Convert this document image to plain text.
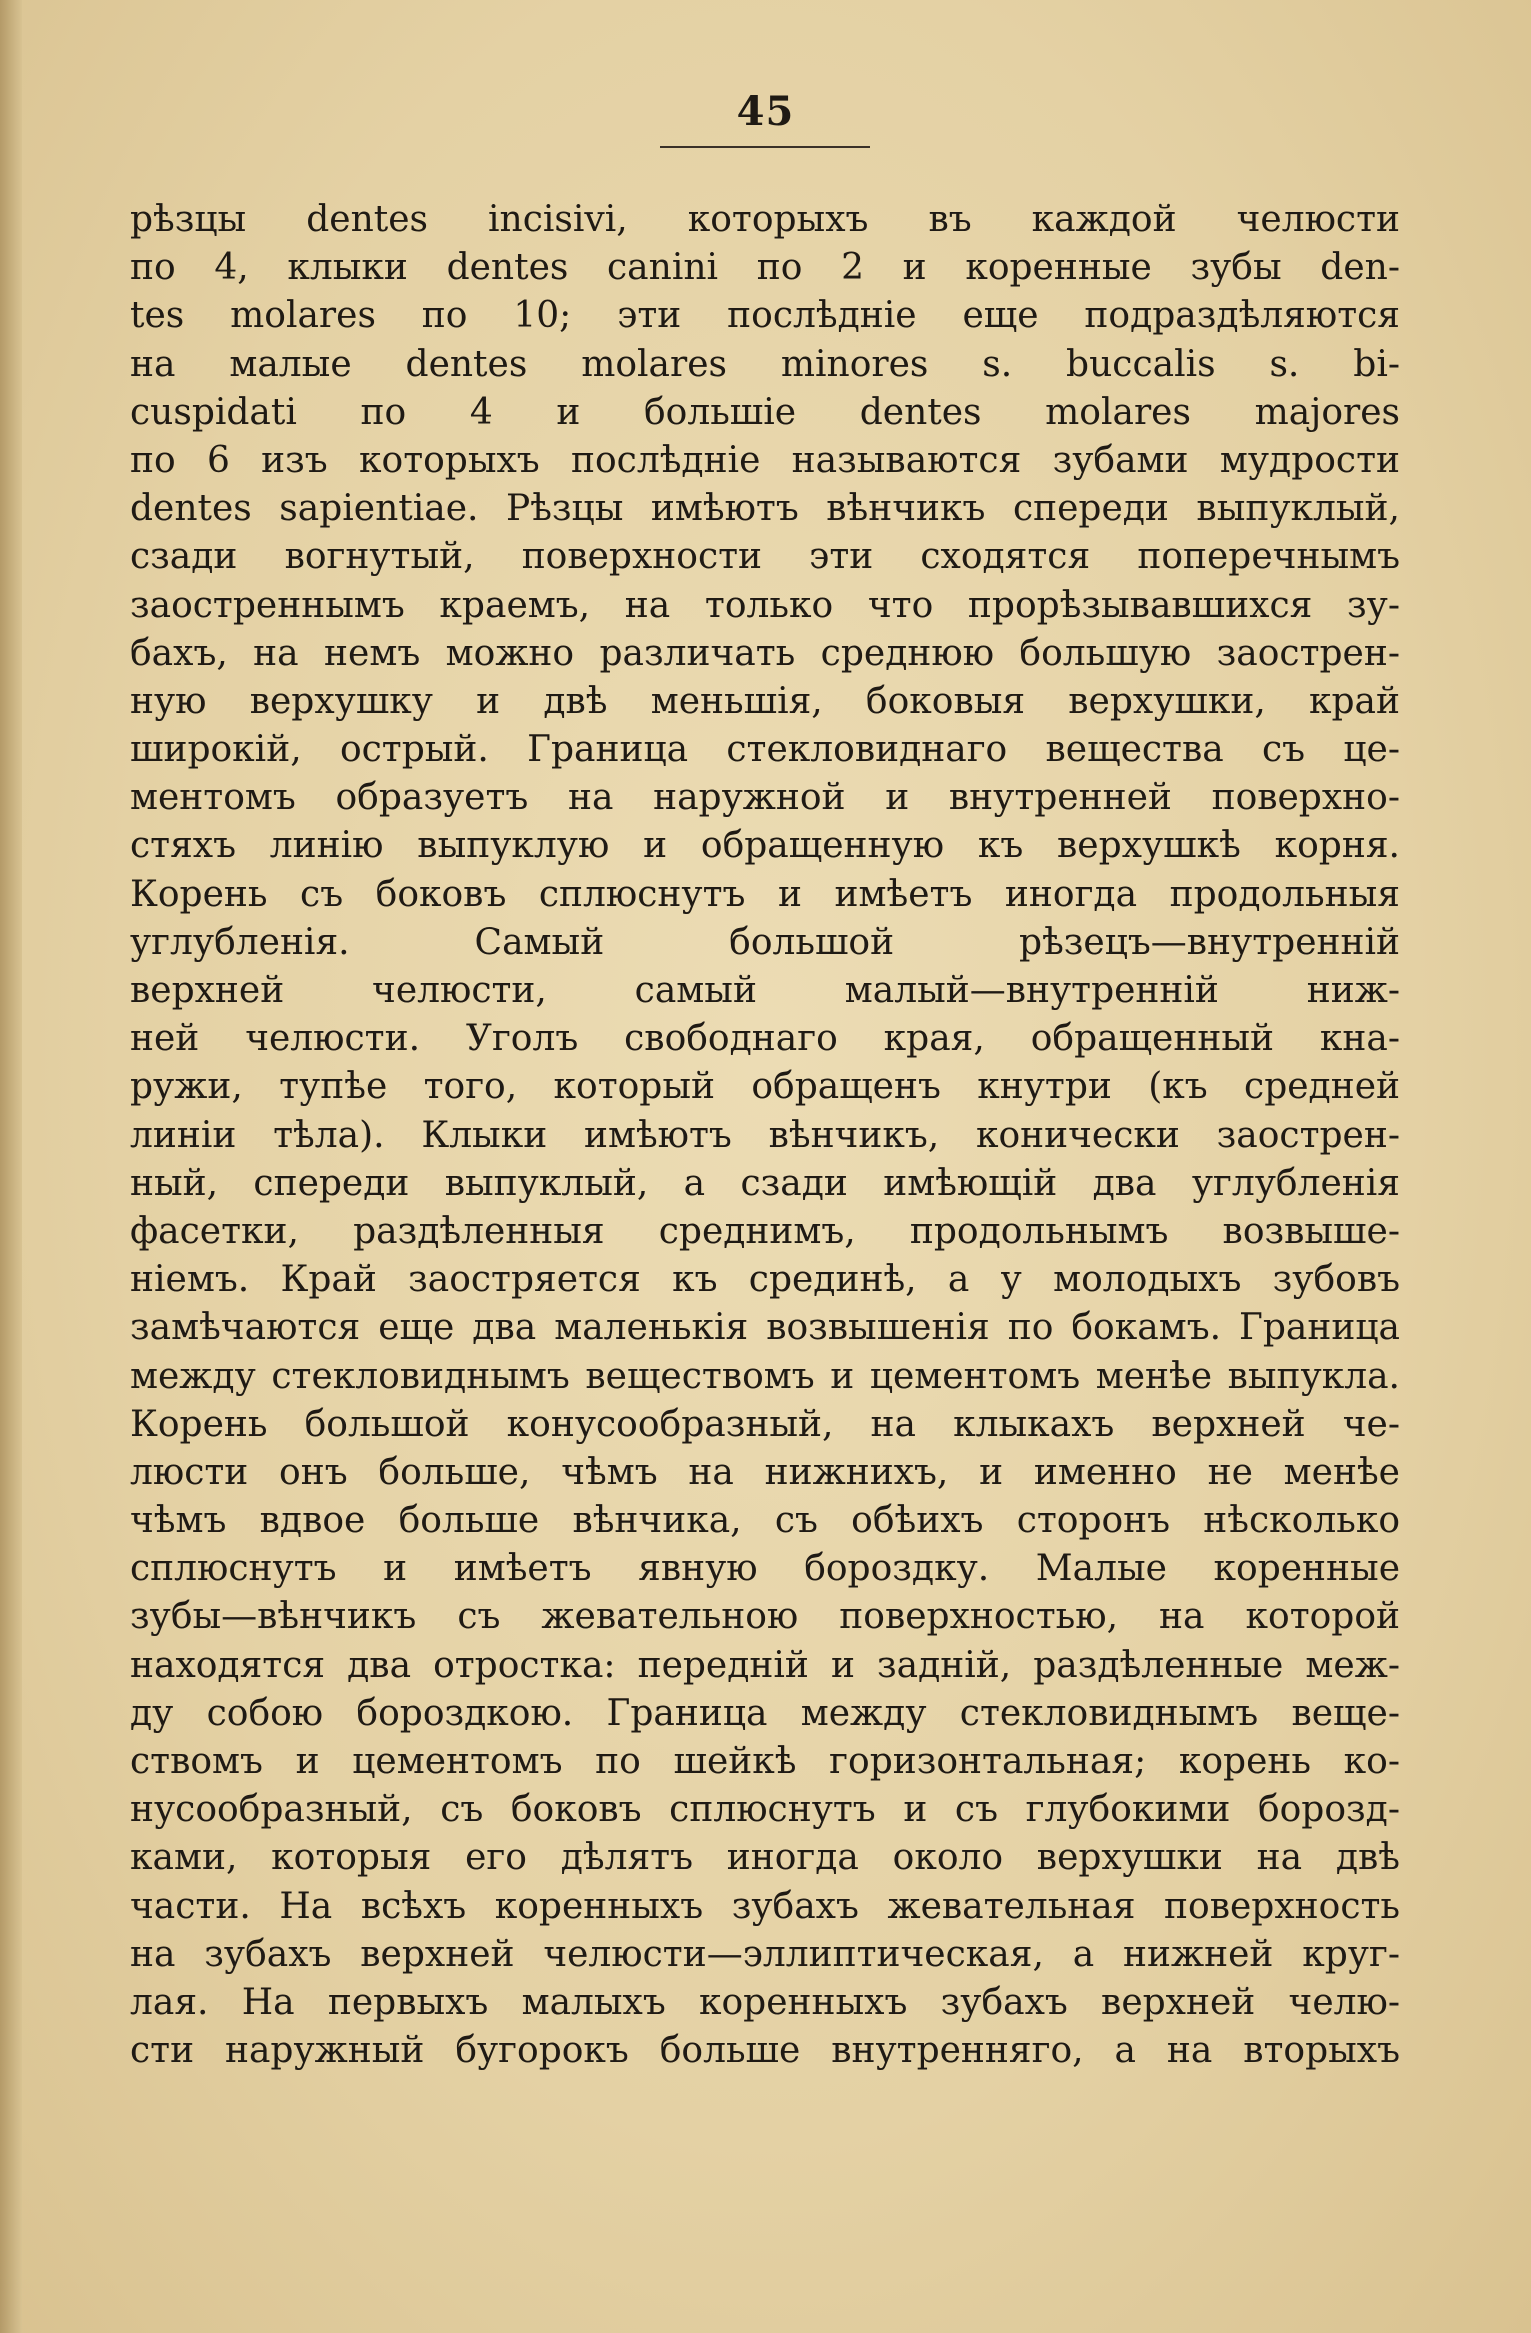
45
рѣзцы dentes incisivi, которыхъ въ каждой челюсти
по 4, клыки dentes canini по 2 и коренные зубы den-
tes molares по 10; эти послѣднiе еще подраздѣляются
на малые dentes molares minores s. buccalis s. bi-
cuspidati по 4 и большiе dentes molares majores
по 6 изъ которыхъ послѣднiе называются зубами мудрости
dentes sapientiae. Рѣзцы имѣютъ вѣнчикъ спереди выпуклый,
сзади вогнутый, поверхности эти сходятся поперечнымъ
заостреннымъ краемъ, на только что прорѣзывавшихся зу-
бахъ, на немъ можно различать среднюю большую заострен-
ную верхушку и двѣ меньшiя, боковыя верхушки, край
широкiй, острый. Граница стекловиднаго вещества съ це-
ментомъ образуетъ на наружной и внутренней поверхно-
стяхъ линiю выпуклую и обращенную къ верхушкѣ корня.
Корень съ боковъ сплюснутъ и имѣетъ иногда продольныя
углубленiя. Самый большой рѣзецъ—внутреннiй
верхней челюсти, самый малый—внутреннiй ниж-
ней челюсти. Уголъ свободнаго края, обращенный кна-
ружи, тупѣе того, который обращенъ кнутри (къ средней
линiи тѣла). Клыки имѣютъ вѣнчикъ, конически заострен-
ный, спереди выпуклый, а сзади имѣющiй два углубленiя
фасетки, раздѣленныя среднимъ, продольнымъ возвыше-
нiемъ. Край заостряется къ срединѣ, а у молодыхъ зубовъ
замѣчаются еще два маленькiя возвышенiя по бокамъ. Граница
между стекловиднымъ веществомъ и цементомъ менѣе выпукла.
Корень большой конусообразный, на клыкахъ верхней че-
люсти онъ больше, чѣмъ на нижнихъ, и именно не менѣе
чѣмъ вдвое больше вѣнчика, съ обѣихъ сторонъ нѣсколько
сплюснутъ и имѣетъ явную бороздку. Малые коренные
зубы—вѣнчикъ съ жевательною поверхностью, на которой
находятся два отростка: переднiй и заднiй, раздѣленные меж-
ду собою бороздкою. Граница между стекловиднымъ веще-
ствомъ и цементомъ по шейкѣ горизонтальная; корень ко-
нусообразный, съ боковъ сплюснутъ и съ глубокими борозд-
ками, которыя его дѣлятъ иногда около верхушки на двѣ
части. На всѣхъ коренныхъ зубахъ жевательная поверхность
на зубахъ верхней челюсти—эллиптическая, а нижней круг-
лая. На первыхъ малыхъ коренныхъ зубахъ верхней челю-
сти наружный бугорокъ больше внутренняго, а на вторыхъ
